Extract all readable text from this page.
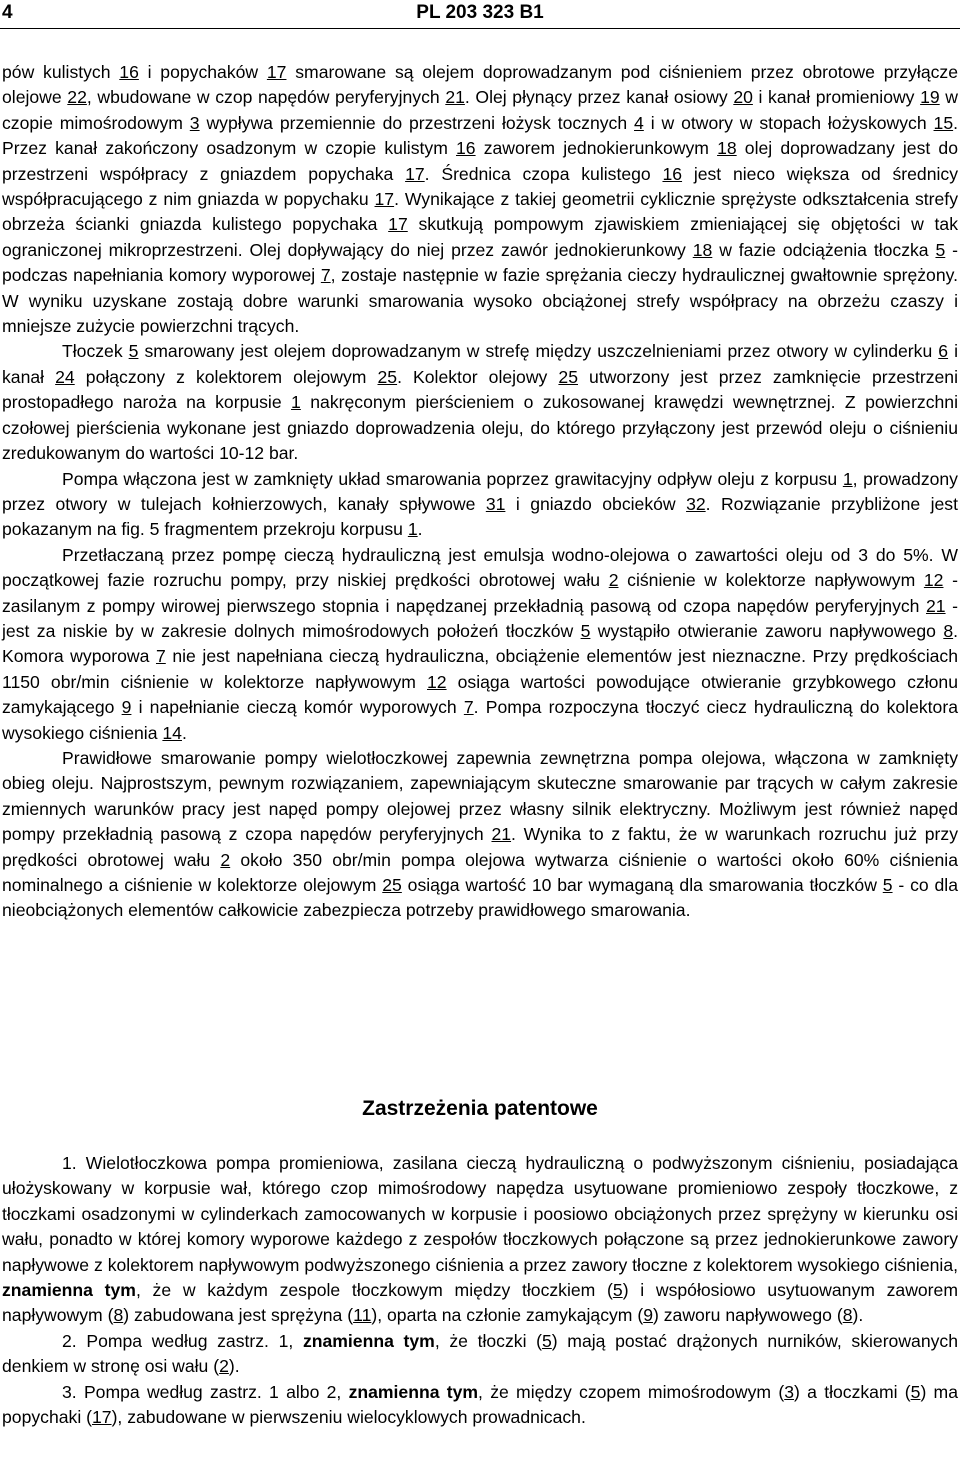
4	PL 203 323 B1

pów kulistych 16 i popychaków 17 smarowane są olejem doprowadzanym pod ciśnieniem przez obrotowe przyłącze olejowe 22, wbudowane w czop napędów peryferyjnych 21. Olej płynący przez kanał osiowy 20 i kanał promieniowy 19 w czopie mimośrodowym 3 wypływa przemiennie do przestrzeni łożysk tocznych 4 i w otwory w stopach łożyskowych 15. Przez kanał zakończony osadzonym w czopie kulistym 16 zaworem jednokierunkowym 18 olej doprowadzany jest do przestrzeni współpracy z gniazdem popychaka 17. Średnica czopa kulistego 16 jest nieco większa od średnicy współpracującego z nim gniazda w popychaku 17. Wynikające z takiej geometrii cyklicznie sprężyste odkształcenia strefy obrzeża ścianki gniazda kulistego popychaka 17 skutkują pompowym zjawiskiem zmieniającej się objętości w tak ograniczonej mikroprzestrzeni. Olej dopływający do niej przez zawór jednokierunkowy 18 w fazie odciążenia tłoczka 5 - podczas napełniania komory wyporowej 7, zostaje następnie w fazie sprężania cieczy hydraulicznej gwałtownie sprężony. W wyniku uzyskane zostają dobre warunki smarowania wysoko obciążonej strefy współpracy na obrzeżu czaszy i mniejsze zużycie powierzchni trących.

Tłoczek 5 smarowany jest olejem doprowadzanym w strefę między uszczelnieniami przez otwory w cylinderku 6 i kanał 24 połączony z kolektorem olejowym 25. Kolektor olejowy 25 utworzony jest przez zamknięcie przestrzeni prostopadłego naroża na korpusie 1 nakręconym pierścieniem o zukosowanej krawędzi wewnętrznej. Z powierzchni czołowej pierścienia wykonane jest gniazdo doprowadzenia oleju, do którego przyłączony jest przewód oleju o ciśnieniu zredukowanym do wartości 10-12 bar.

Pompa włączona jest w zamknięty układ smarowania poprzez grawitacyjny odpływ oleju z korpusu 1, prowadzony przez otwory w tulejach kołnierzowych, kanały spływowe 31 i gniazdo obcieków 32. Rozwiązanie przybliżone jest pokazanym na fig. 5 fragmentem przekroju korpusu 1.

Przetłaczaną przez pompę cieczą hydrauliczną jest emulsja wodno-olejowa o zawartości oleju od 3 do 5%. W początkowej fazie rozruchu pompy, przy niskiej prędkości obrotowej wału 2 ciśnienie w kolektorze napływowym 12 - zasilanym z pompy wirowej pierwszego stopnia i napędzanej przekładnią pasową od czopa napędów peryferyjnych 21 - jest za niskie by w zakresie dolnych mimośrodowych położeń tłoczków 5 wystąpiło otwieranie zaworu napływowego 8. Komora wyporowa 7 nie jest napełniana cieczą hydrauliczna, obciążenie elementów jest nieznaczne. Przy prędkościach 1150 obr/min ciśnienie w kolektorze napływowym 12 osiąga wartości powodujące otwieranie grzybkowego członu zamykającego 9 i napełnianie cieczą komór wyporowych 7. Pompa rozpoczyna tłoczyć ciecz hydrauliczną do kolektora wysokiego ciśnienia 14.

Prawidłowe smarowanie pompy wielotłoczkowej zapewnia zewnętrzna pompa olejowa, włączona w zamknięty obieg oleju. Najprostszym, pewnym rozwiązaniem, zapewniającym skuteczne smarowanie par trących w całym zakresie zmiennych warunków pracy jest napęd pompy olejowej przez własny silnik elektryczny. Możliwym jest również napęd pompy przekładnią pasową z czopa napędów peryferyjnych 21. Wynika to z faktu, że w warunkach rozruchu już przy prędkości obrotowej wału 2 około 350 obr/min pompa olejowa wytwarza ciśnienie o wartości około 60% ciśnienia nominalnego a ciśnienie w kolektorze olejowym 25 osiąga wartość 10 bar wymaganą dla smarowania tłoczków 5 - co dla nieobciążonych elementów całkowicie zabezpiecza potrzeby prawidłowego smarowania.

Zastrzeżenia patentowe

1. Wielotłoczkowa pompa promieniowa, zasilana cieczą hydrauliczną o podwyższonym ciśnieniu, posiadająca ułożyskowany w korpusie wał, którego czop mimośrodowy napędza usytuowane promieniowo zespoły tłoczkowe, z tłoczkami osadzonymi w cylinderkach zamocowanych w korpusie i poosiowo obciążonych przez sprężyny w kierunku osi wału, ponadto w której komory wyporowe każdego z zespołów tłoczkowych połączone są przez jednokierunkowe zawory napływowe z kolektorem napływowym podwyższonego ciśnienia a przez zawory tłoczne z kolektorem wysokiego ciśnienia, znamienna tym, że w każdym zespole tłoczkowym między tłoczkiem (5) i współosiowo usytuowanym zaworem napływowym (8) zabudowana jest sprężyna (11), oparta na członie zamykającym (9) zaworu napływowego (8).

2. Pompa według zastrz. 1, znamienna tym, że tłoczki (5) mają postać drążonych nurników, skierowanych denkiem w stronę osi wału (2).

3. Pompa według zastrz. 1 albo 2, znamienna tym, że między czopem mimośrodowym (3) a tłoczkami (5) ma popychaki (17), zabudowane w pierwszeniu wielocyklowych prowadnicach.
